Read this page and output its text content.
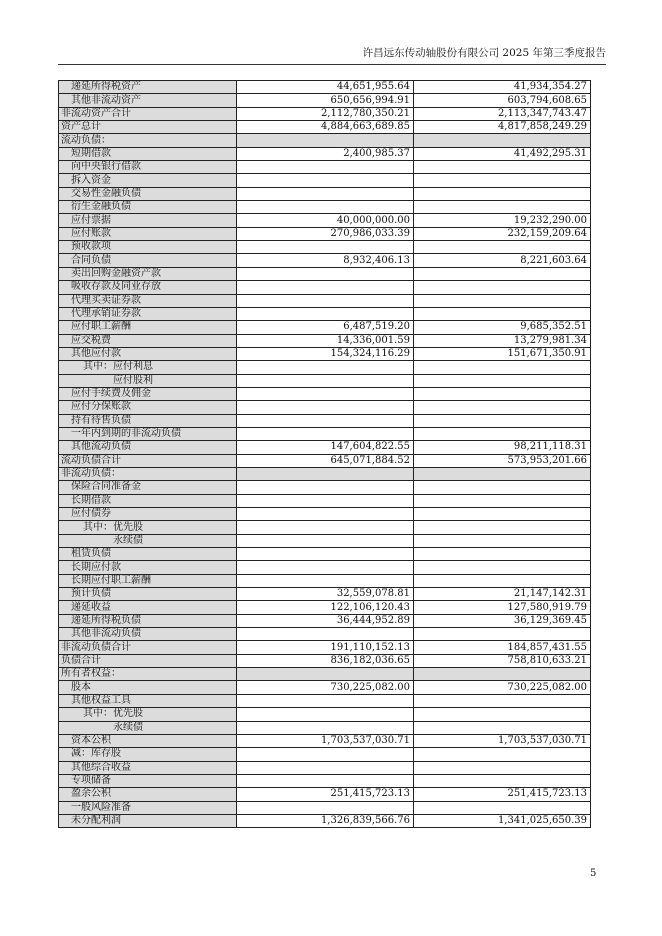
许昌远东传动轴股份有限公司 2025 年第三季度报告
递延所得税资产	44,651,955.64	41,934,354.27
其他非流动资产	650,656,994.91	603,794,608.65
非流动资产合计	2,112,780,350.21	2,113,347,743.47
资产总计	4,884,663,689.85	4,817,858,249.29
流动负债：		
短期借款	2,400,985.37	41,492,295.31
向中央银行借款		
拆入资金		
交易性金融负债		
衍生金融负债		
应付票据	40,000,000.00	19,232,290.00
应付账款	270,986,033.39	232,159,209.64
预收款项		
合同负债	8,932,406.13	8,221,603.64
卖出回购金融资产款		
吸收存款及同业存放		
代理买卖证券款		
代理承销证券款		
应付职工薪酬	6,487,519.20	9,685,352.51
应交税费	14,336,001.59	13,279,981.34
其他应付款	154,324,116.29	151,671,350.91
其中：应付利息		
应付股利		
应付手续费及佣金		
应付分保账款		
持有待售负债		
一年内到期的非流动负债		
其他流动负债	147,604,822.55	98,211,118.31
流动负债合计	645,071,884.52	573,953,201.66
非流动负债：		
保险合同准备金		
长期借款		
应付债券		
其中：优先股		
永续债		
租赁负债		
长期应付款		
长期应付职工薪酬		
预计负债	32,559,078.81	21,147,142.31
递延收益	122,106,120.43	127,580,919.79
递延所得税负债	36,444,952.89	36,129,369.45
其他非流动负债		
非流动负债合计	191,110,152.13	184,857,431.55
负债合计	836,182,036.65	758,810,633.21
所有者权益：		
股本	730,225,082.00	730,225,082.00
其他权益工具		
其中：优先股		
永续债		
资本公积	1,703,537,030.71	1,703,537,030.71
减：库存股		
其他综合收益		
专项储备		
盈余公积	251,415,723.13	251,415,723.13
一般风险准备		
未分配利润	1,326,839,566.76	1,341,025,650.39
5
